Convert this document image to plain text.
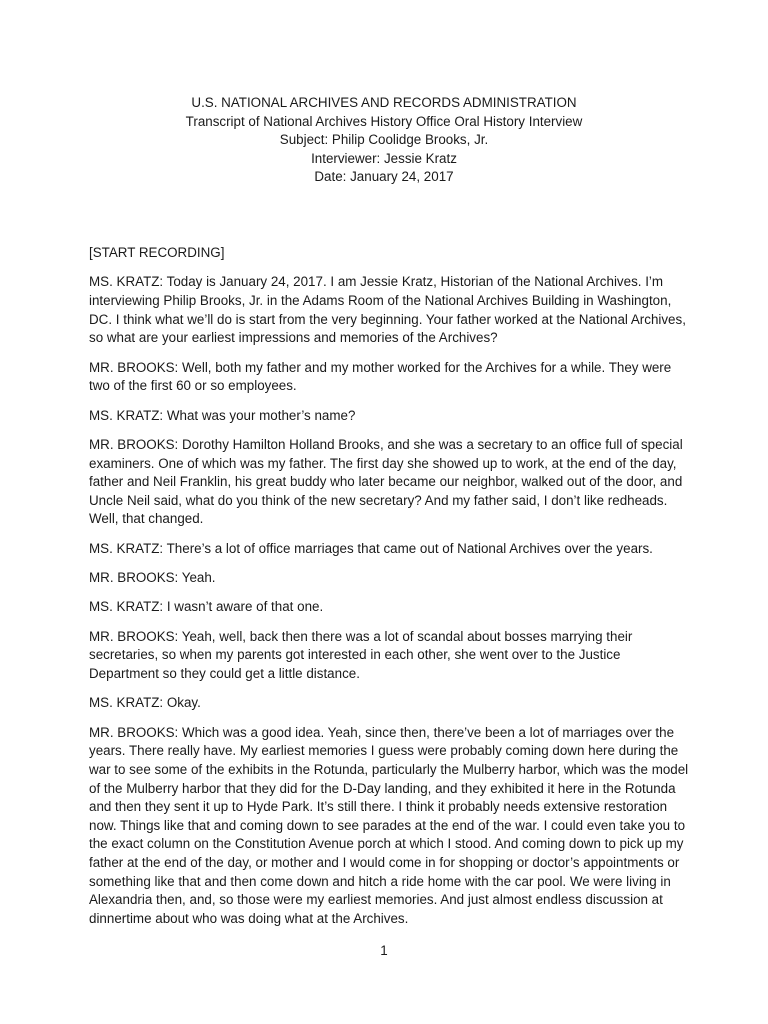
U.S. NATIONAL ARCHIVES AND RECORDS ADMINISTRATION
Transcript of National Archives History Office Oral History Interview
Subject: Philip Coolidge Brooks, Jr.
Interviewer: Jessie Kratz
Date: January 24, 2017

[START RECORDING]

MS. KRATZ: Today is January 24, 2017. I am Jessie Kratz, Historian of the National Archives. I’m interviewing Philip Brooks, Jr. in the Adams Room of the National Archives Building in Washington, DC. I think what we’ll do is start from the very beginning. Your father worked at the National Archives, so what are your earliest impressions and memories of the Archives?

MR. BROOKS: Well, both my father and my mother worked for the Archives for a while. They were two of the first 60 or so employees.

MS. KRATZ: What was your mother’s name?

MR. BROOKS: Dorothy Hamilton Holland Brooks, and she was a secretary to an office full of special examiners. One of which was my father. The first day she showed up to work, at the end of the day, father and Neil Franklin, his great buddy who later became our neighbor, walked out of the door, and Uncle Neil said, what do you think of the new secretary? And my father said, I don’t like redheads. Well, that changed.

MS. KRATZ: There’s a lot of office marriages that came out of National Archives over the years.

MR. BROOKS: Yeah.

MS. KRATZ: I wasn’t aware of that one.

MR. BROOKS: Yeah, well, back then there was a lot of scandal about bosses marrying their secretaries, so when my parents got interested in each other, she went over to the Justice Department so they could get a little distance.

MS. KRATZ: Okay.

MR. BROOKS: Which was a good idea. Yeah, since then, there’ve been a lot of marriages over the years. There really have. My earliest memories I guess were probably coming down here during the war to see some of the exhibits in the Rotunda, particularly the Mulberry harbor, which was the model of the Mulberry harbor that they did for the D-Day landing, and they exhibited it here in the Rotunda and then they sent it up to Hyde Park. It’s still there. I think it probably needs extensive restoration now. Things like that and coming down to see parades at the end of the war. I could even take you to the exact column on the Constitution Avenue porch at which I stood. And coming down to pick up my father at the end of the day, or mother and I would come in for shopping or doctor’s appointments or something like that and then come down and hitch a ride home with the car pool. We were living in Alexandria then, and, so those were my earliest memories. And just almost endless discussion at dinnertime about who was doing what at the Archives.

1
